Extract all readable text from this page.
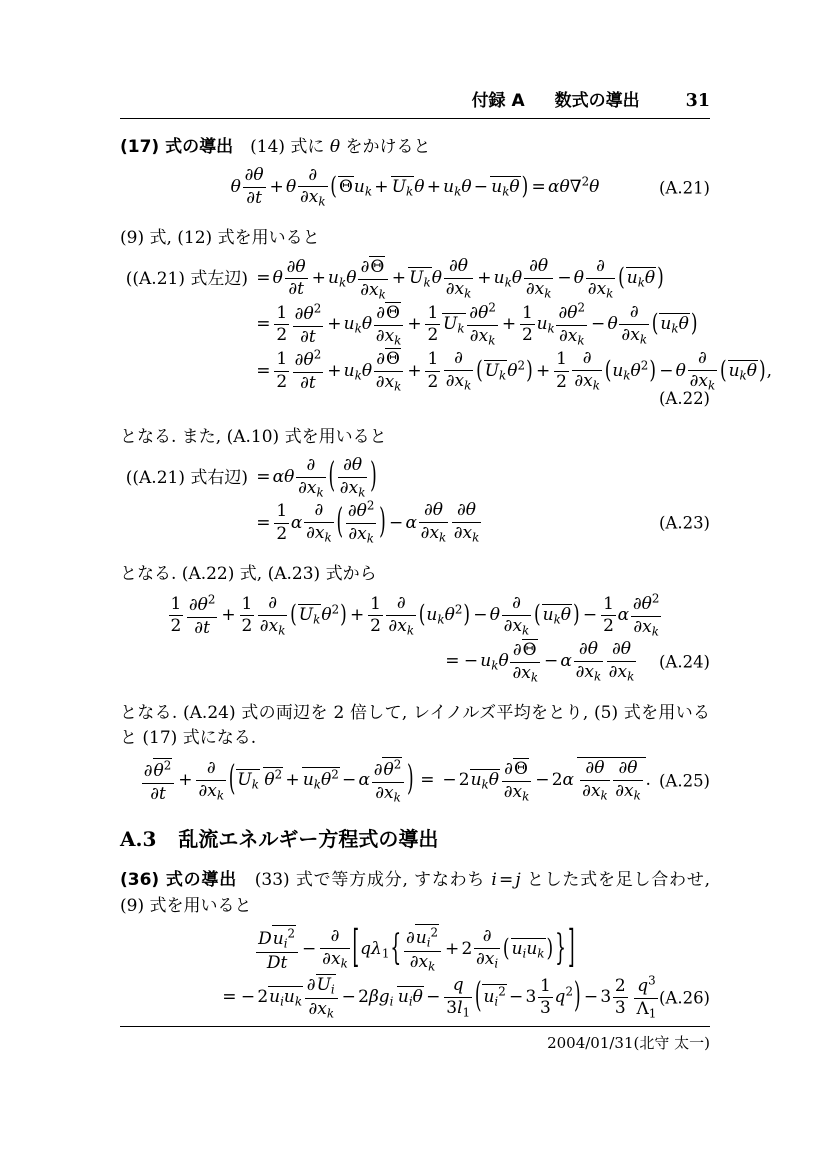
付録 A 数式の導出	31

(17) 式の導出　(14) 式に θ をかけると

θ $\frac{\partial\theta}{\partial t} + \theta$
∂
$\partial x_k$
( $\Theta u_k + U_k\theta + u_k\theta - u_k\theta$ ) = αθ∇$^2$θ	(A.21)

(9) 式, (12) 式を用いると

((A.21) 式左辺) = θ $\frac{\partial\theta}{\partial t} + u_k\theta \frac{\partial\Theta}{\partial x_k} + U_k\theta \frac{\partial\theta}{\partial x_k} + u_k\theta \frac{\partial\theta}{\partial x_k} - \theta$
∂
$\partial x_k$
( $u_k\theta$ )
= $\frac{1}{2} \frac{\partial\theta^2}{\partial t} + u_k\theta \frac{\partial\Theta}{\partial x_k} + \frac{1}{2} U_k \frac{\partial\theta^2}{\partial x_k} + \frac{1}{2} u_k \frac{\partial\theta^2}{\partial x_k} - \theta$
∂
$\partial x_k$
( $u_k\theta$ )
= $\frac{1}{2} \frac{\partial\theta^2}{\partial t} + u_k\theta \frac{\partial\Theta}{\partial x_k} + \frac{1}{2}$ ∂
$\partial x_k$
( $U_k\theta^2) + \frac{1}{2}$ ∂
$\partial x_k$
$(u_k\theta^2) - \theta$
∂
$\partial x_k$
( $u_k\theta$ ),
(A.22)

となる. また, (A.10) 式を用いると

((A.21) 式右辺) = αθ
∂
$\partial x_k$ ( $\frac{\partial\theta}{\partial x_k}$ )
= $\frac{1}{2}$ α
∂
$\partial x_k$ ( $\frac{\partial\theta^2}{\partial x_k}$ ) − α $\frac{\partial\theta}{\partial x_k} \frac{\partial\theta}{\partial x_k}$	(A.23)

となる. (A.22) 式, (A.23) 式から

$\frac{1}{2} \frac{\partial\theta^2}{\partial t} + \frac{1}{2}$ ∂
$\partial x_k$
( $U_k\theta^2) + \frac{1}{2}$ ∂
$\partial x_k$
$(u_k\theta^2) - \theta$
∂
$\partial x_k$
( $u_k\theta$ ) − $\frac{1}{2}$ α $\frac{\partial\theta^2}{\partial x_k}$
= − $u_k\theta \frac{\partial\Theta}{\partial x_k} - \alpha \frac{\partial\theta}{\partial x_k} \frac{\partial\theta}{\partial x_k} (A.24)$

となる. (A.24) 式の両辺を 2 倍して, レイノルズ平均をとり, (5) 式を用いると (17) 式になる.

$\frac{\partial\theta^2}{\partial t}$ +
∂
$\partial x_k$ ( $U_k$ $\theta^2 + u_k\theta^2 - \alpha \frac{\partial\theta^2}{\partial x_k}$ ) = − $2u_k\theta \frac{\partial\Theta}{\partial x_k} - 2\alpha \frac{\partial\theta}{\partial x_k} \frac{\partial\theta}{\partial x_k}$ . (A.25)
A.3 乱流エネルギー方程式の導出

(36) 式の導出　(33) 式で等方成分, すなわち i = j とした式を足し合わせ, (9) 式を用いると

$Du_i^2$
Dt
−
∂
$\partial x_k$ [$q\lambda_1\{ \frac{\partial u_i^2}{\partial x_k} + 2$
∂
$\partial x_i$
( $u_iu_k$ ) } ]
= − $2u_iu_k \frac{\partial U_i}{\partial x_k} - 2\beta g_i$ $u_i\theta - \frac{q}{3l_1}$ ( $u_i^2 - 3 \frac{1}{3} q^2) - 3 \frac{2}{3} \frac{q^3}{\Lambda_1} (A.26)$
2004/01/31(北守 太一)
